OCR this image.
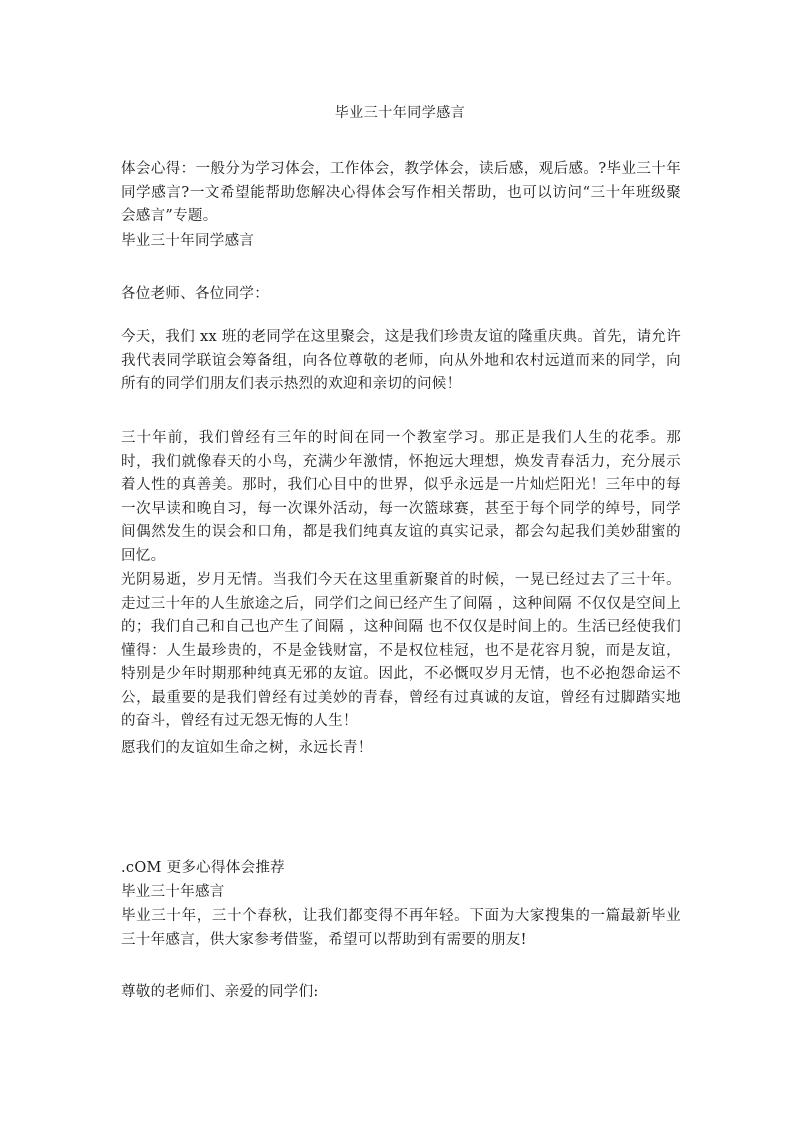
毕业三十年同学感言
体会心得：一般分为学习体会，工作体会，教学体会，读后感，观后感。?毕业三十年同学感言?一文希望能帮助您解决心得体会写作相关帮助，也可以访问“三十年班级聚会感言”专题。
毕业三十年同学感言
各位老师、各位同学：
今天，我们 xx 班的老同学在这里聚会，这是我们珍贵友谊的隆重庆典。首先，请允许我代表同学联谊会筹备组，向各位尊敬的老师，向从外地和农村远道而来的同学，向所有的同学们朋友们表示热烈的欢迎和亲切的问候！
三十年前，我们曾经有三年的时间在同一个教室学习。那正是我们人生的花季。那时，我们就像春天的小鸟，充满少年激情，怀抱远大理想，焕发青春活力，充分展示着人性的真善美。那时，我们心目中的世界，似乎永远是一片灿烂阳光！三年中的每一次早读和晚自习，每一次课外活动，每一次篮球赛，甚至于每个同学的绰号，同学间偶然发生的误会和口角，都是我们纯真友谊的真实记录，都会勾起我们美妙甜蜜的回忆。
光阴易逝，岁月无情。当我们今天在这里重新聚首的时候，一晃已经过去了三十年。走过三十年的人生旅途之后，同学们之间已经产生了间隔 ，这种间隔 不仅仅是空间上的；我们自己和自己也产生了间隔 ，这种间隔 也不仅仅是时间上的。生活已经使我们懂得：人生最珍贵的，不是金钱财富，不是权位桂冠，也不是花容月貌，而是友谊，特别是少年时期那种纯真无邪的友谊。因此，不必慨叹岁月无情，也不必抱怨命运不公，最重要的是我们曾经有过美妙的青春，曾经有过真诚的友谊，曾经有过脚踏实地的奋斗，曾经有过无怨无悔的人生！
愿我们的友谊如生命之树，永远长青！
.cOM 更多心得体会推荐
毕业三十年感言
毕业三十年，三十个春秋，让我们都变得不再年轻。下面为大家搜集的一篇最新毕业三十年感言，供大家参考借鉴，希望可以帮助到有需要的朋友!
尊敬的老师们、亲爱的同学们:
